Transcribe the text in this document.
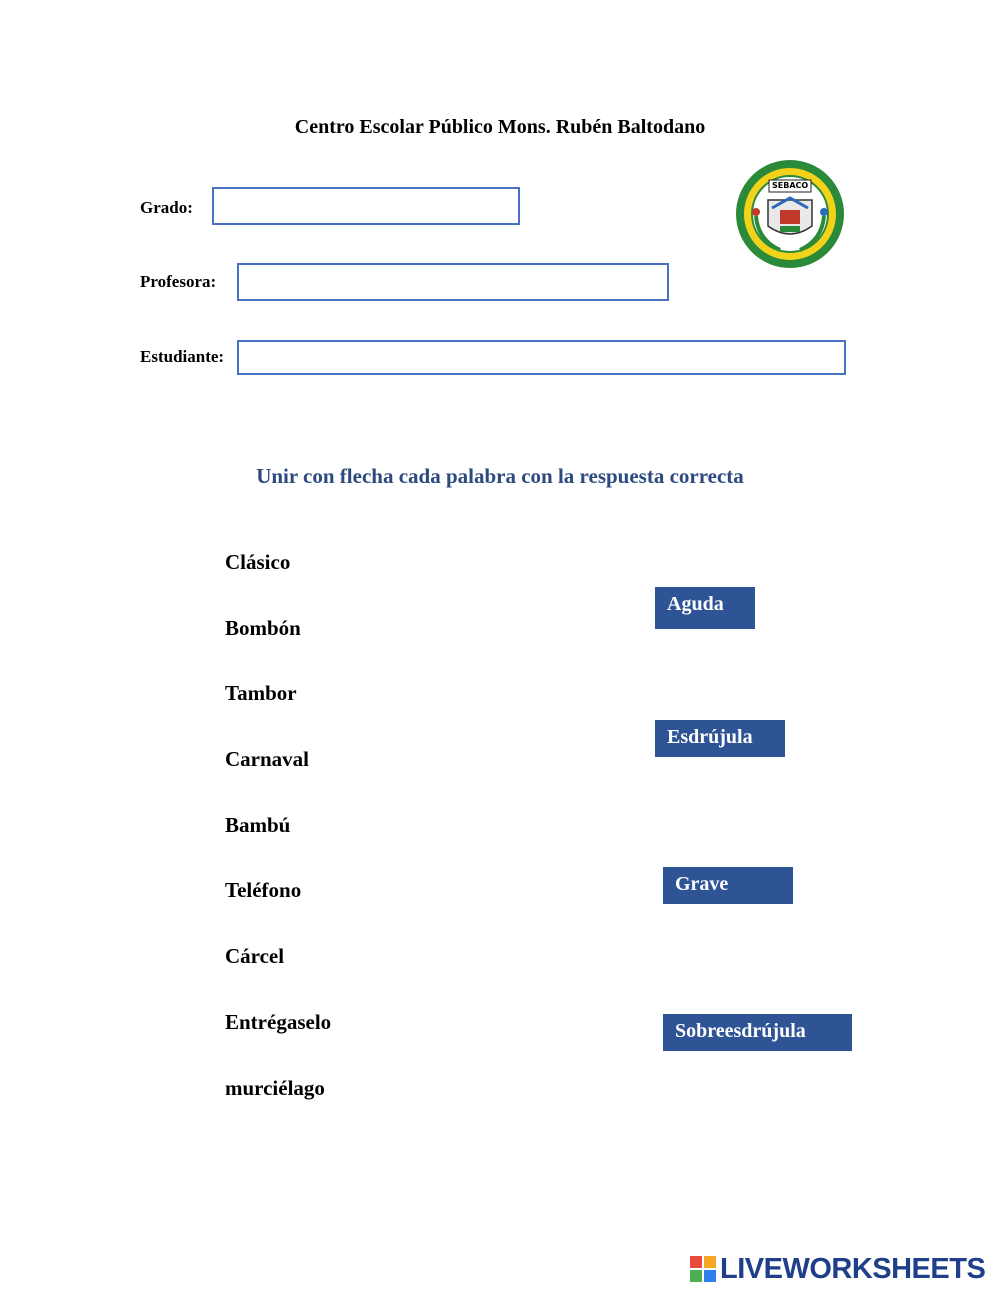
Centro Escolar Público Mons. Rubén Baltodano
SEBACO
Grado:
Profesora:
Estudiante:
Unir con flecha cada palabra con la respuesta correcta
Clásico
Bombón
Tambor
Carnaval
Bambú
Teléfono
Cárcel
Entrégaselo
murciélago
Aguda
Esdrújula
Grave
Sobreesdrújula
LIVEWORKSHEETS
